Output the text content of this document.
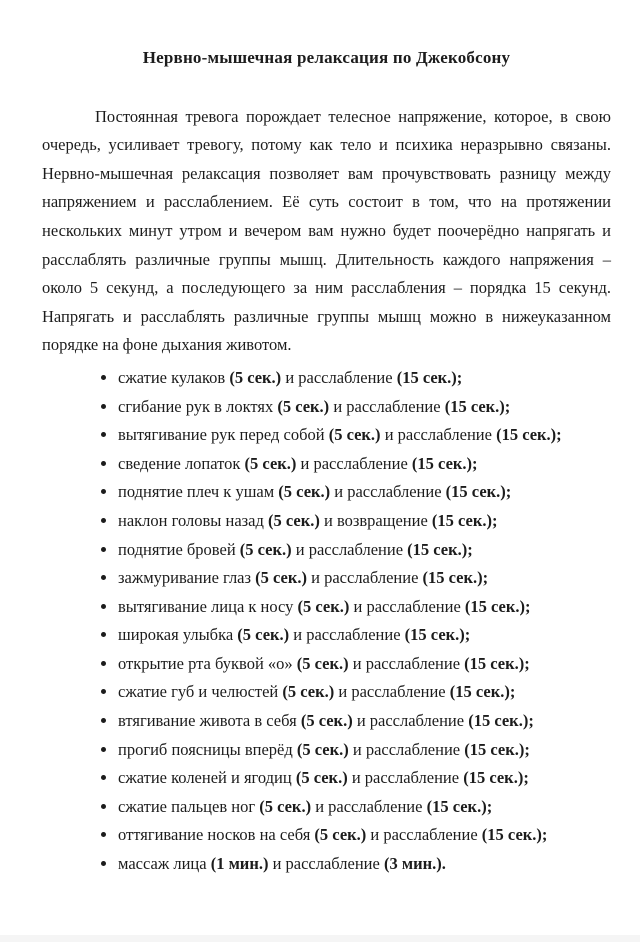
Нервно-мышечная релаксация по Джекобсону

Постоянная тревога порождает телесное напряжение, которое, в свою очередь, усиливает тревогу, потому как тело и психика неразрывно связаны. Нервно-мышечная релаксация позволяет вам прочувствовать разницу между напряжением и расслаблением. Её суть состоит в том, что на протяжении нескольких минут утром и вечером вам нужно будет поочерёдно напрягать и расслаблять различные группы мышц. Длительность каждого напряжения – около 5 секунд, а последующего за ним расслабления – порядка 15 секунд. Напрягать и расслаблять различные группы мышц можно в нижеуказанном порядке на фоне дыхания животом.

• сжатие кулаков (5 сек.) и расслабление (15 сек.);
• сгибание рук в локтях (5 сек.) и расслабление (15 сек.);
• вытягивание рук перед собой (5 сек.) и расслабление (15 сек.);
• сведение лопаток (5 сек.) и расслабление (15 сек.);
• поднятие плеч к ушам (5 сек.) и расслабление (15 сек.);
• наклон головы назад (5 сек.) и возвращение (15 сек.);
• поднятие бровей (5 сек.) и расслабление (15 сек.);
• зажмуривание глаз (5 сек.) и расслабление (15 сек.);
• вытягивание лица к носу (5 сек.) и расслабление (15 сек.);
• широкая улыбка (5 сек.) и расслабление (15 сек.);
• открытие рта буквой «о» (5 сек.) и расслабление (15 сек.);
• сжатие губ и челюстей (5 сек.) и расслабление (15 сек.);
• втягивание живота в себя (5 сек.) и расслабление (15 сек.);
• прогиб поясницы вперёд (5 сек.) и расслабление (15 сек.);
• сжатие коленей и ягодиц (5 сек.) и расслабление (15 сек.);
• сжатие пальцев ног (5 сек.) и расслабление (15 сек.);
• оттягивание носков на себя (5 сек.) и расслабление (15 сек.);
• массаж лица (1 мин.) и расслабление (3 мин.).
